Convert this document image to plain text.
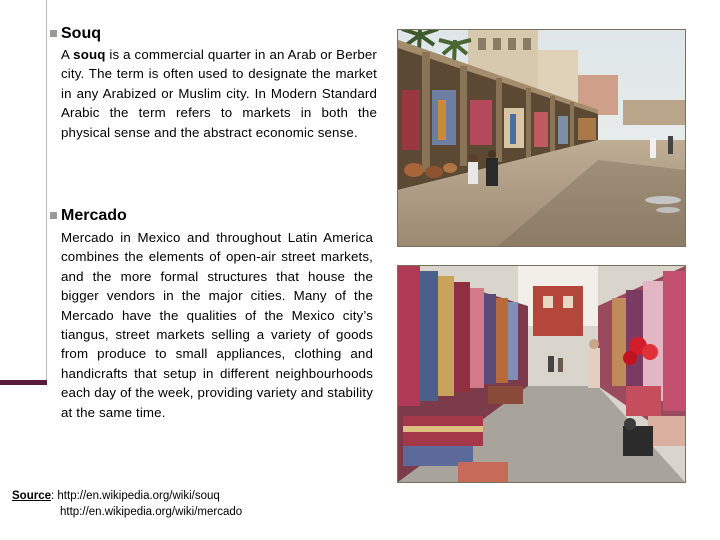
Souq

A souq is a commercial quarter in an Arab or Berber city. The term is often used to designate the market in any Arabized or Muslim city. In Modern Standard Arabic the term refers to markets in both the physical sense and the abstract economic sense.

Mercado

Mercado in Mexico and throughout Latin America combines the elements of open-air street markets, and the more formal structures that house the bigger vendors in the major cities. Many of the Mercado have the qualities of the Mexico city’s tiangus, street markets selling a variety of goods from produce to small appliances, clothing and handicrafts that setup in different neighbourhoods each day of the week, providing variety and stability at the same time.

Source: http://en.wikipedia.org/wiki/souq
http://en.wikipedia.org/wiki/mercado
